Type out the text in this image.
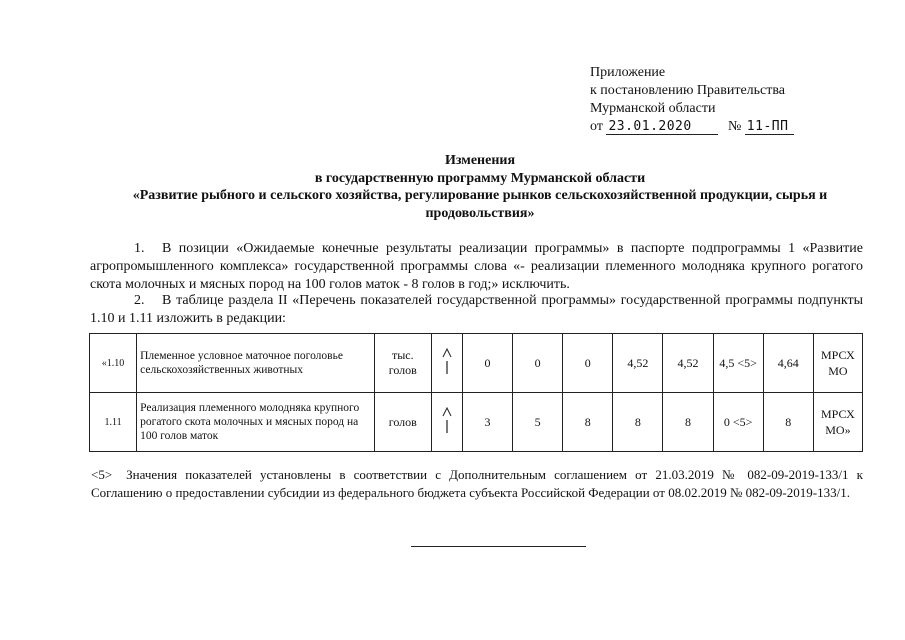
Приложение
к постановлению Правительства
Мурманской области
от 23.01.2020	№ 11-ПП
Изменения
в государственную программу Мурманской области
«Развитие рыбного и сельского хозяйства, регулирование рынков сельскохозяйственной продукции, сырья и
продовольствия»
1. В позиции «Ожидаемые конечные результаты реализации программы» в паспорте подпрограммы 1 «Развитие агропромышленного комплекса» государственной программы слова «- реализации племенного молодняка крупного рогатого скота молочных и мясных пород на 100 голов маток - 8 голов в год;» исключить.
2. В таблице раздела II «Перечень показателей государственной программы» государственной программы подпункты 1.10 и 1.11 изложить в редакции:
«1.10	Племенное условное маточное поголовье сельскохозяйственных животных	тыс. голов		0	0	0	4,52	4,52	4,5 <5>	4,64	МРСХ МО
1.11	Реализация племенного молодняка крупного рогатого скота молочных и мясных пород на 100 голов маток	голов		3	5	8	8	8	0 <5>	8	МРСХ МО»
<5> Значения показателей установлены в соответствии с Дополнительным соглашением от 21.03.2019 № 082-09-2019-133/1 к Соглашению о предоставлении субсидии из федерального бюджета субъекта Российской Федерации от 08.02.2019 № 082-09-2019-133/1.
